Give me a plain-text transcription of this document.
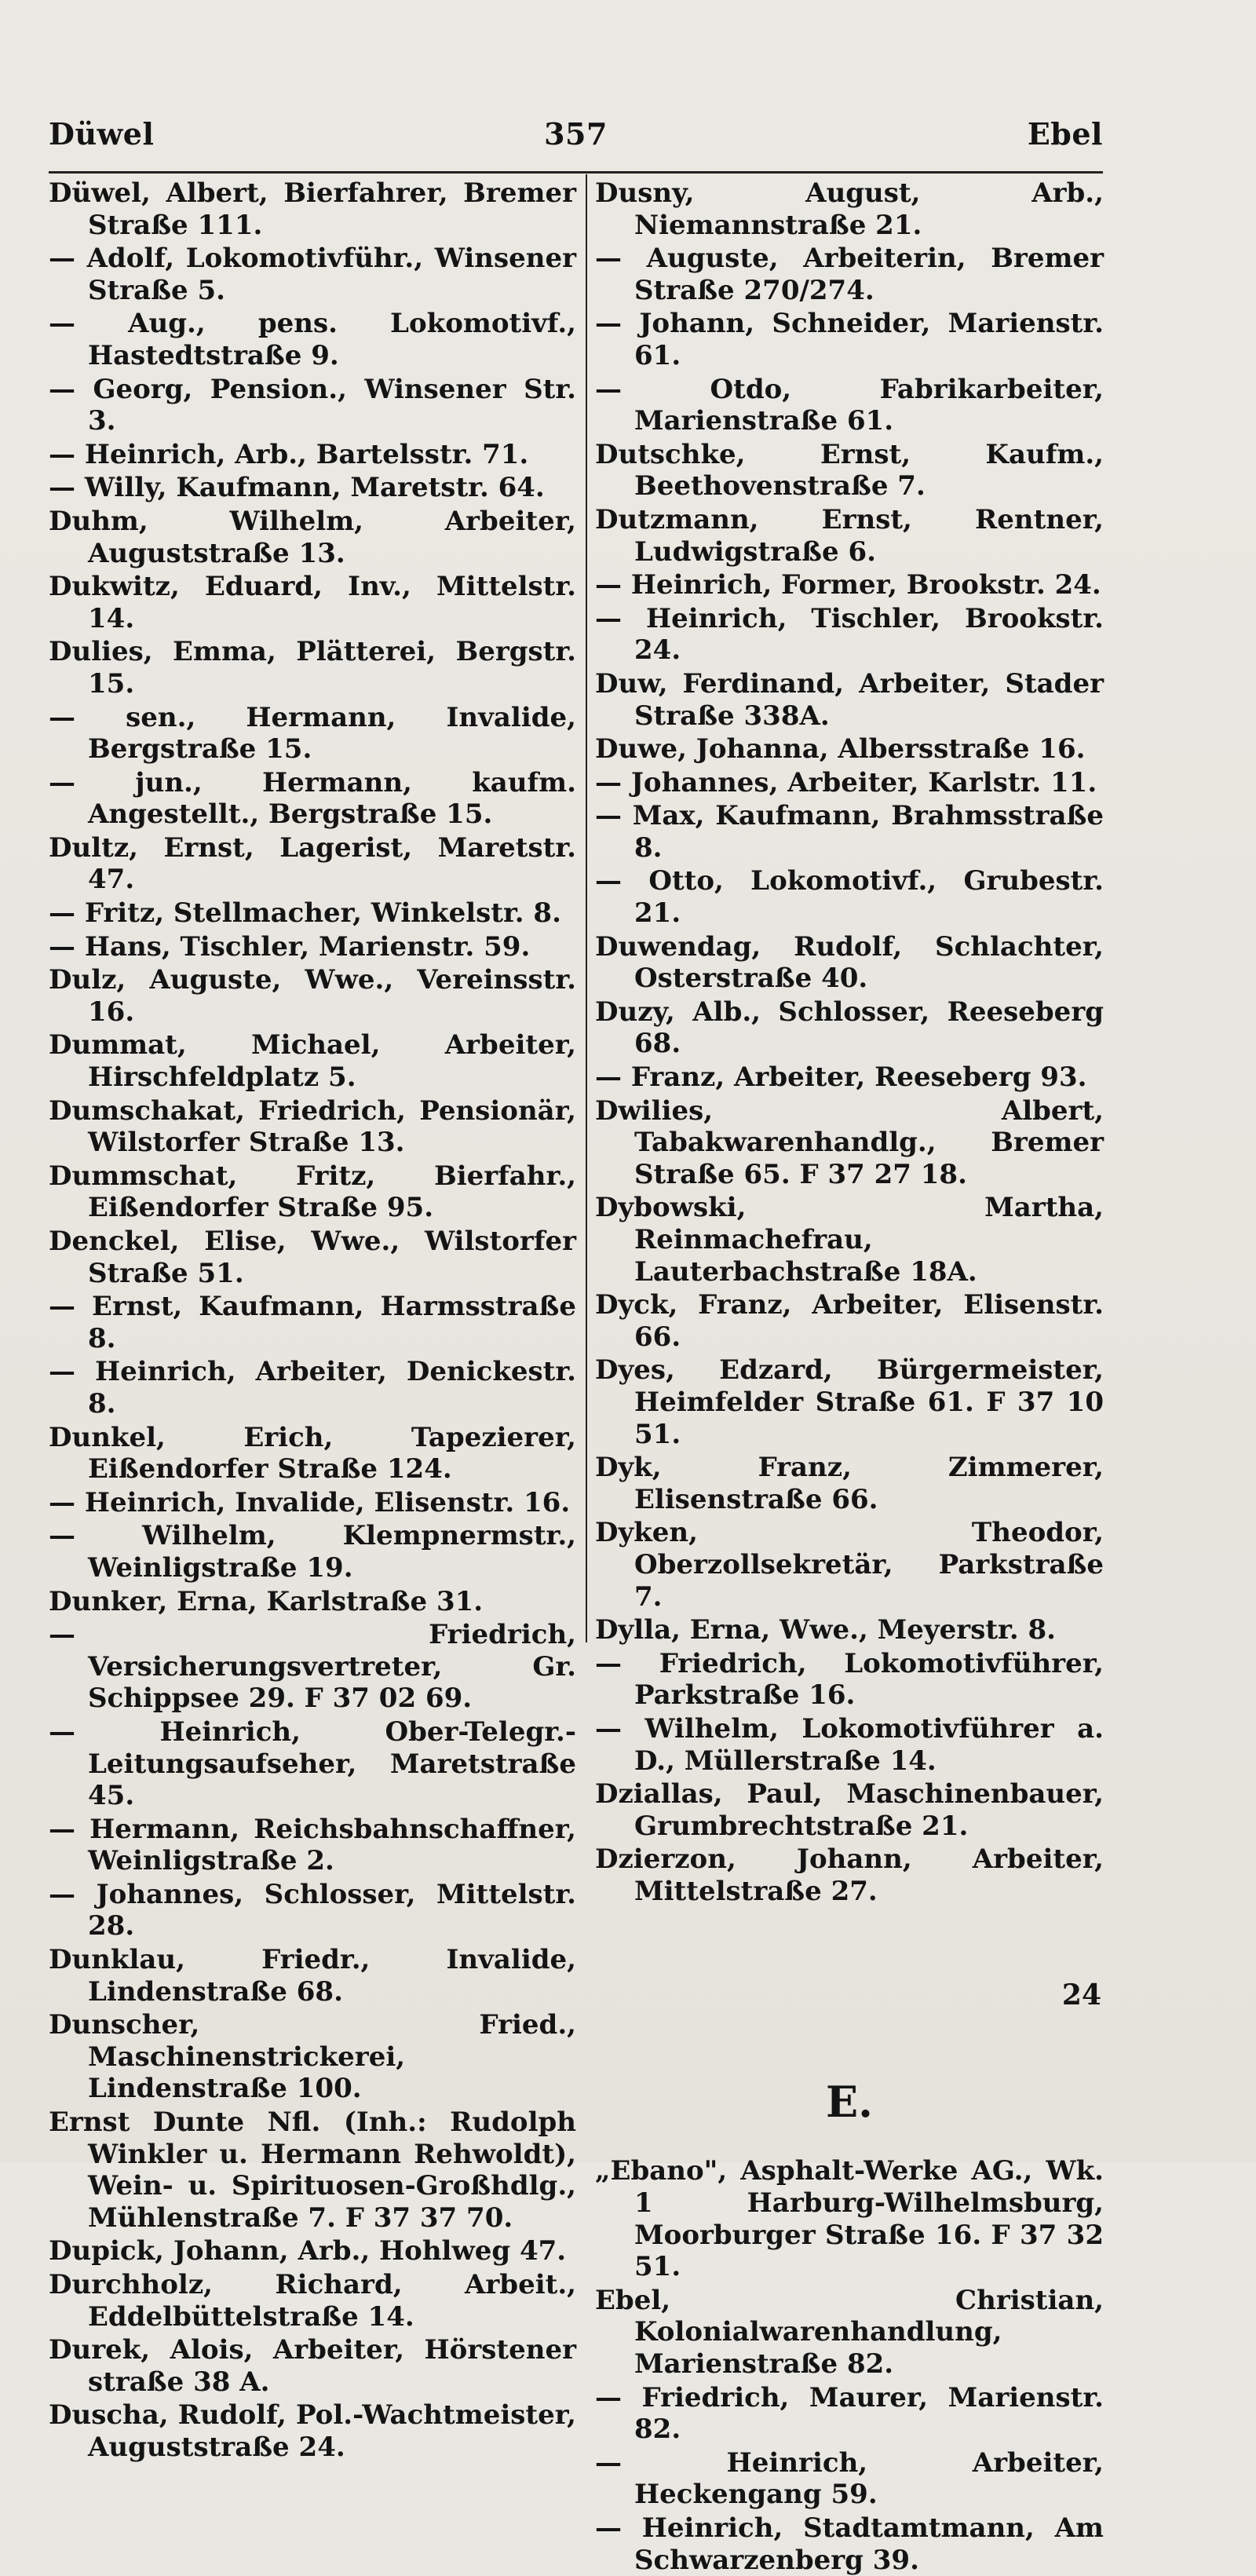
Düwel	357	Ebel

Düwel, Albert, Bierfahrer, Bremer Straße 111.

— Adolf, Lokomotivführ., Winsener Straße 5.

— Aug., pens. Lokomotivf., Hastedtstraße 9.

— Georg, Pension., Winsener Str. 3.

— Heinrich, Arb., Bartelsstr. 71.

— Willy, Kaufmann, Maretstr. 64.

Duhm, Wilhelm, Arbeiter, Auguststraße 13.

Dukwitz, Eduard, Inv., Mittelstr. 14.

Dulies, Emma, Plätterei, Bergstr. 15.

— sen., Hermann, Invalide, Bergstraße 15.

— jun., Hermann, kaufm. Angestellt., Bergstraße 15.

Dultz, Ernst, Lagerist, Maretstr. 47.

— Fritz, Stellmacher, Winkelstr. 8.

— Hans, Tischler, Marienstr. 59.

Dulz, Auguste, Wwe., Vereinsstr. 16.

Dummat, Michael, Arbeiter, Hirschfeldplatz 5.

Dumschakat, Friedrich, Pensionär, Wilstorfer Straße 13.

Dummschat, Fritz, Bierfahr., Eißendorfer Straße 95.

Denckel, Elise, Wwe., Wilstorfer Straße 51.

— Ernst, Kaufmann, Harmsstraße 8.

— Heinrich, Arbeiter, Denickestr. 8.

Dunkel, Erich, Tapezierer, Eißendorfer Straße 124.

— Heinrich, Invalide, Elisenstr. 16.

— Wilhelm, Klempnermstr., Weinligstraße 19.

Dunker, Erna, Karlstraße 31.

— Friedrich, Versicherungsvertreter, Gr. Schippsee 29. F 37 02 69.

— Heinrich, Ober-Telegr.-Leitungsaufseher, Maretstraße 45.

— Hermann, Reichsbahnschaffner, Weinligstraße 2.

— Johannes, Schlosser, Mittelstr. 28.

Dunklau, Friedr., Invalide, Lindenstraße 68.

Dunscher, Fried., Maschinenstrickerei, Lindenstraße 100.

Ernst Dunte Nfl. (Inh.: Rudolph Winkler u. Hermann Rehwoldt), Wein- u. Spirituosen-Großhdlg., Mühlenstraße 7. F 37 37 70.

Dupick, Johann, Arb., Hohlweg 47.

Durchholz, Richard, Arbeit., Eddelbüttelstraße 14.

Durek, Alois, Arbeiter, Hörstener straße 38 A.

Duscha, Rudolf, Pol.-Wachtmeister, Auguststraße 24.

Dusny, August, Arb., Niemannstraße 21.

— Auguste, Arbeiterin, Bremer Straße 270/274.

— Johann, Schneider, Marienstr. 61.

— Otdo, Fabrikarbeiter, Marienstraße 61.

Dutschke, Ernst, Kaufm., Beethovenstraße 7.

Dutzmann, Ernst, Rentner, Ludwigstraße 6.

— Heinrich, Former, Brookstr. 24.

— Heinrich, Tischler, Brookstr. 24.

Duw, Ferdinand, Arbeiter, Stader Straße 338A.

Duwe, Johanna, Albersstraße 16.

— Johannes, Arbeiter, Karlstr. 11.

— Max, Kaufmann, Brahmsstraße 8.

— Otto, Lokomotivf., Grubestr. 21.

Duwendag, Rudolf, Schlachter, Osterstraße 40.

Duzy, Alb., Schlosser, Reeseberg 68.

— Franz, Arbeiter, Reeseberg 93.

Dwilies, Albert, Tabakwarenhandlg., Bremer Straße 65. F 37 27 18.

Dybowski, Martha, Reinmachefrau, Lauterbachstraße 18A.

Dyck, Franz, Arbeiter, Elisenstr. 66.

Dyes, Edzard, Bürgermeister, Heimfelder Straße 61. F 37 10 51.

Dyk, Franz, Zimmerer, Elisenstraße 66.

Dyken, Theodor, Oberzollsekretär, Parkstraße 7.

Dylla, Erna, Wwe., Meyerstr. 8.

— Friedrich, Lokomotivführer, Parkstraße 16.

— Wilhelm, Lokomotivführer a. D., Müllerstraße 14.

Dziallas, Paul, Maschinenbauer, Grumbrechtstraße 21.

Dzierzon, Johann, Arbeiter, Mittelstraße 27.

E.

„Ebano", Asphalt-Werke AG., Wk. 1 Harburg-Wilhelmsburg, Moorburger Straße 16. F 37 32 51.

Ebel, Christian, Kolonialwarenhandlung, Marienstraße 82.

— Friedrich, Maurer, Marienstr. 82.

— Heinrich, Arbeiter, Heckengang 59.

— Heinrich, Stadtamtmann, Am Schwarzenberg 39.

24
